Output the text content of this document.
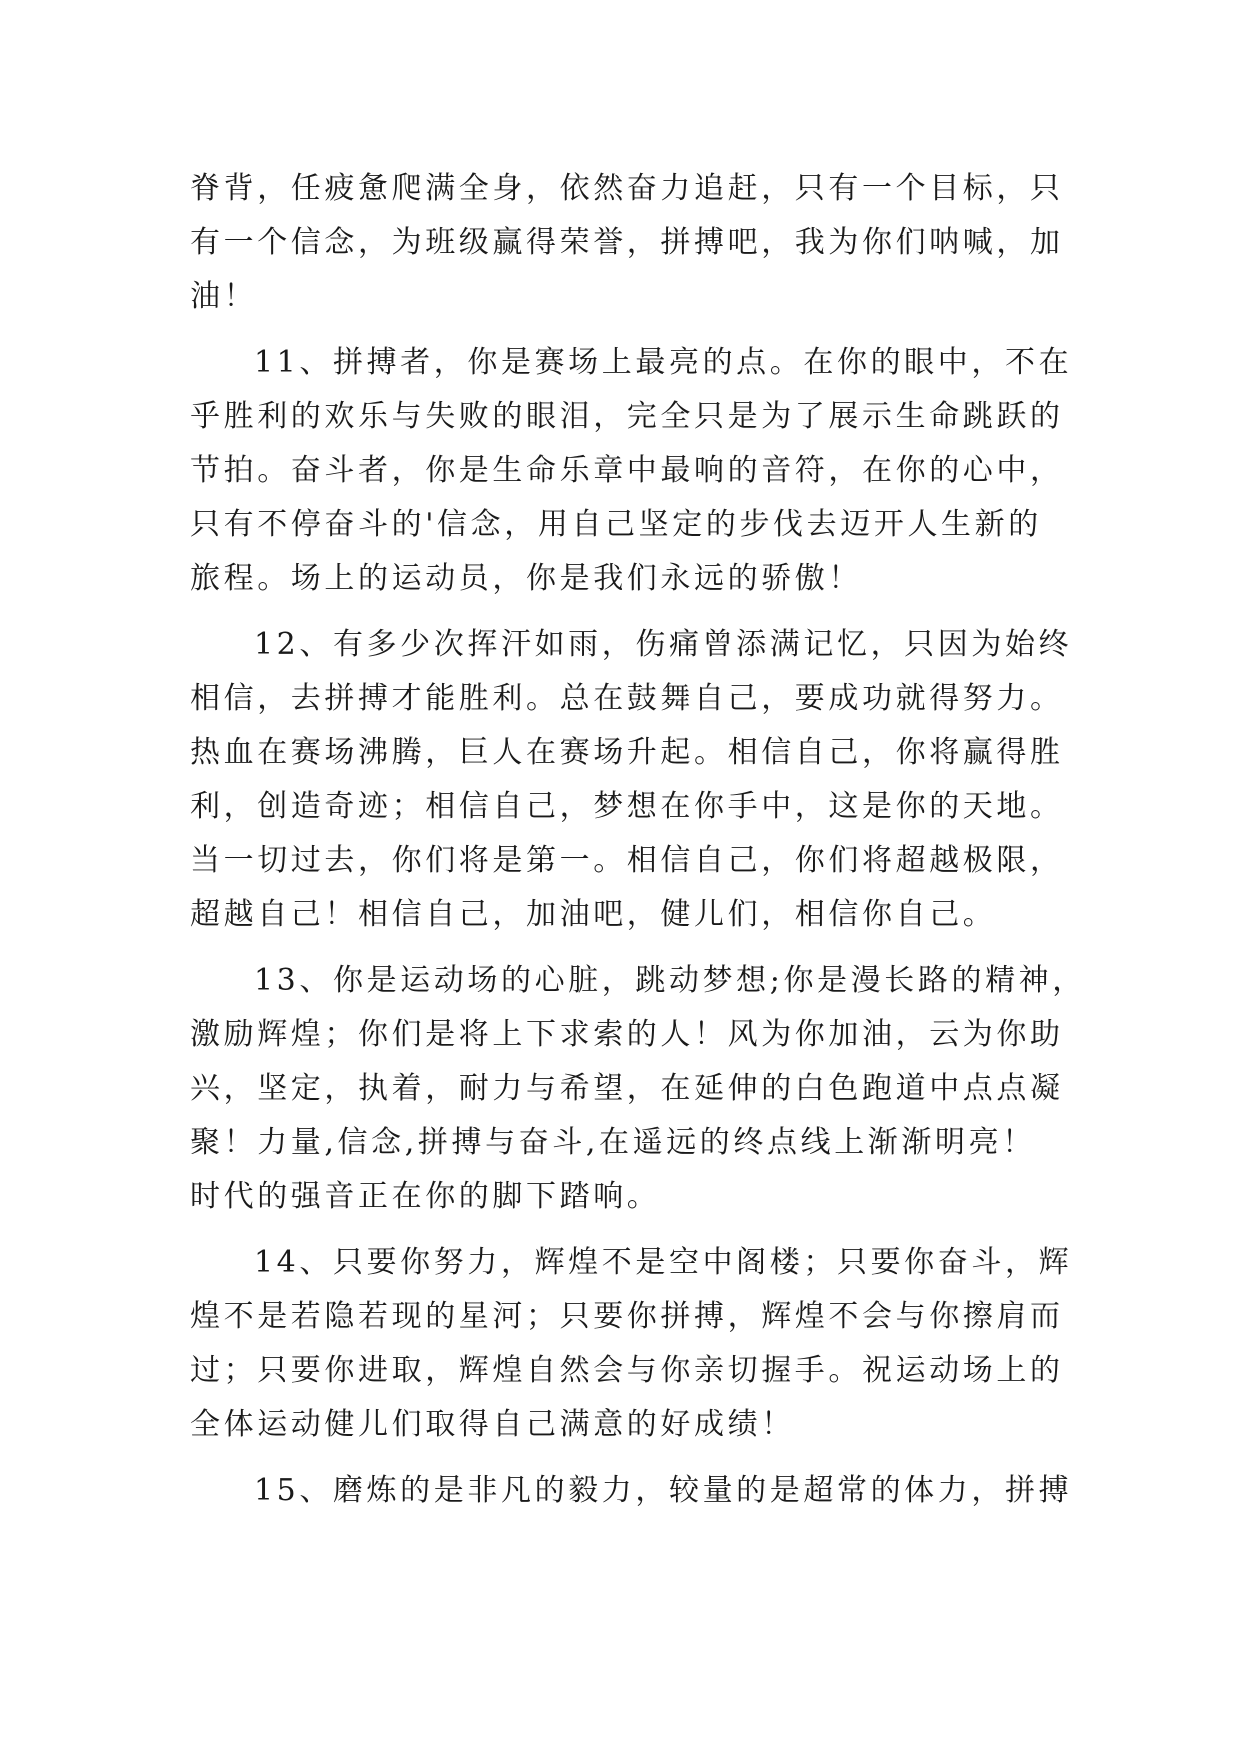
脊背，任疲惫爬满全身，依然奋力追赶，只有一个目标，只
有一个信念，为班级赢得荣誉，拼搏吧，我为你们呐喊，加
油！
11、拼搏者，你是赛场上最亮的点。在你的眼中，不在
乎胜利的欢乐与失败的眼泪，完全只是为了展示生命跳跃的
节拍。奋斗者，你是生命乐章中最响的音符，在你的心中，
只有不停奋斗的'信念，用自己坚定的步伐去迈开人生新的
旅程。场上的运动员，你是我们永远的骄傲！
12、有多少次挥汗如雨，伤痛曾添满记忆，只因为始终
相信，去拼搏才能胜利。总在鼓舞自己，要成功就得努力。
热血在赛场沸腾，巨人在赛场升起。相信自己，你将赢得胜
利，创造奇迹；相信自己，梦想在你手中，这是你的天地。
当一切过去，你们将是第一。相信自己，你们将超越极限，
超越自己！相信自己，加油吧，健儿们，相信你自己。
13、你是运动场的心脏，跳动梦想;你是漫长路的精神，
激励辉煌；你们是将上下求索的人！风为你加油，云为你助
兴，坚定，执着，耐力与希望，在延伸的白色跑道中点点凝
聚！力量,信念,拼搏与奋斗,在遥远的终点线上渐渐明亮！
时代的强音正在你的脚下踏响。
14、只要你努力，辉煌不是空中阁楼；只要你奋斗，辉
煌不是若隐若现的星河；只要你拼搏，辉煌不会与你擦肩而
过；只要你进取，辉煌自然会与你亲切握手。祝运动场上的
全体运动健儿们取得自己满意的好成绩！
15、磨炼的是非凡的毅力，较量的是超常的体力，拼搏
